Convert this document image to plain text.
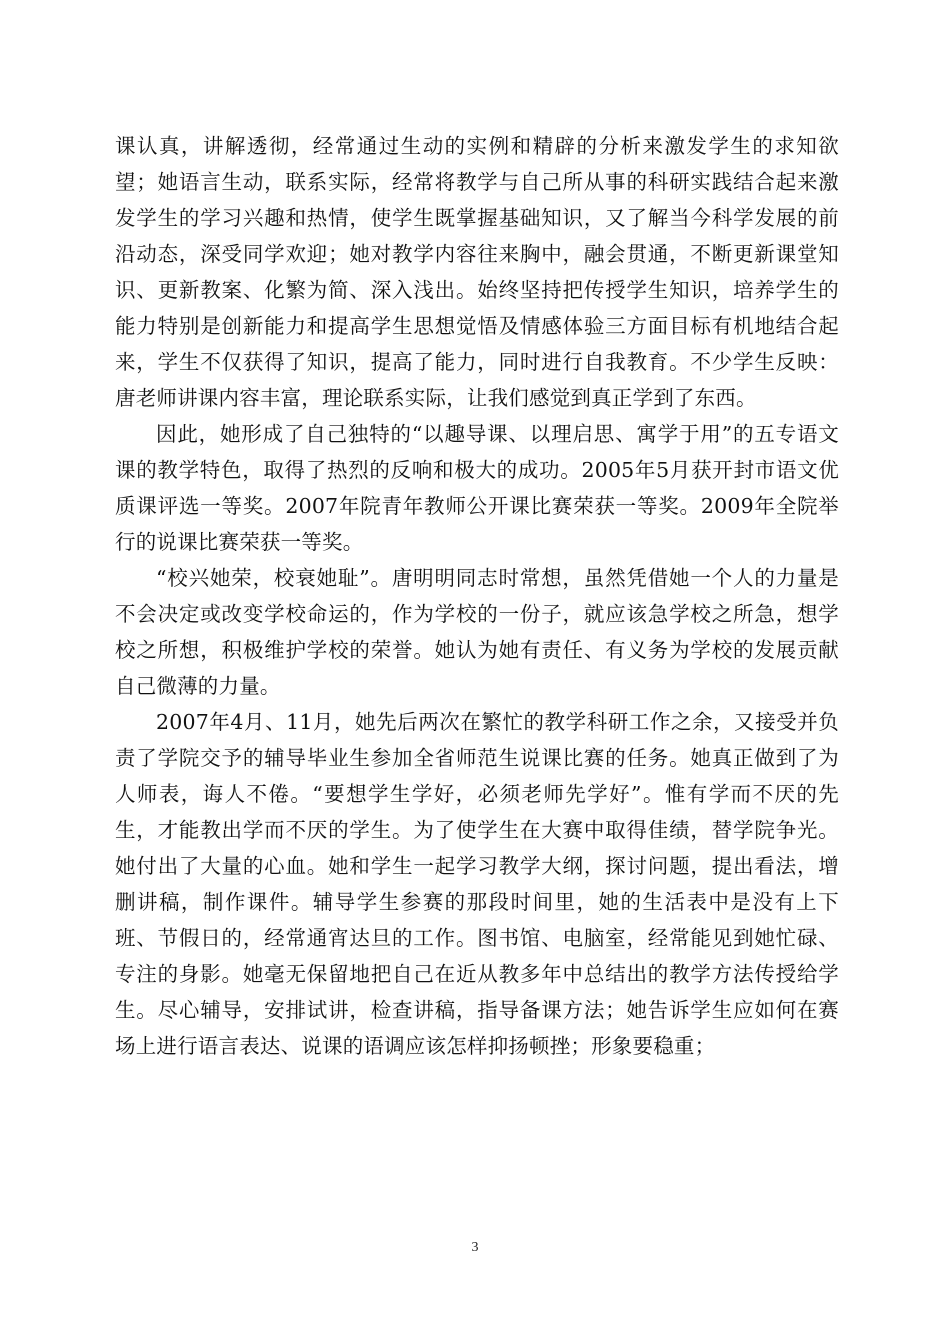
课认真，讲解透彻，经常通过生动的实例和精辟的分析来激发学生的求知欲望；她语言生动，联系实际，经常将教学与自己所从事的科研实践结合起来激发学生的学习兴趣和热情，使学生既掌握基础知识，又了解当今科学发展的前沿动态，深受同学欢迎；她对教学内容往来胸中，融会贯通，不断更新课堂知识、更新教案、化繁为简、深入浅出。始终坚持把传授学生知识，培养学生的能力特别是创新能力和提高学生思想觉悟及情感体验三方面目标有机地结合起来，学生不仅获得了知识，提高了能力，同时进行自我教育。不少学生反映：唐老师讲课内容丰富，理论联系实际，让我们感觉到真正学到了东西。

因此，她形成了自己独特的“以趣导课、以理启思、寓学于用”的五专语文课的教学特色，取得了热烈的反响和极大的成功。2005年5月获开封市语文优质课评选一等奖。2007年院青年教师公开课比赛荣获一等奖。2009年全院举行的说课比赛荣获一等奖。

“校兴她荣，校衰她耻”。唐明明同志时常想，虽然凭借她一个人的力量是不会决定或改变学校命运的，作为学校的一份子，就应该急学校之所急，想学校之所想，积极维护学校的荣誉。她认为她有责任、有义务为学校的发展贡献自己微薄的力量。

2007年4月、11月，她先后两次在繁忙的教学科研工作之余，又接受并负责了学院交予的辅导毕业生参加全省师范生说课比赛的任务。她真正做到了为人师表，诲人不倦。“要想学生学好，必须老师先学好”。惟有学而不厌的先生，才能教出学而不厌的学生。为了使学生在大赛中取得佳绩，替学院争光。她付出了大量的心血。她和学生一起学习教学大纲，探讨问题，提出看法，增删讲稿，制作课件。辅导学生参赛的那段时间里，她的生活表中是没有上下班、节假日的，经常通宵达旦的工作。图书馆、电脑室，经常能见到她忙碌、专注的身影。她毫无保留地把自己在近从教多年中总结出的教学方法传授给学生。尽心辅导，安排试讲，检查讲稿，指导备课方法；她告诉学生应如何在赛场上进行语言表达、说课的语调应该怎样抑扬顿挫；形象要稳重；

3
